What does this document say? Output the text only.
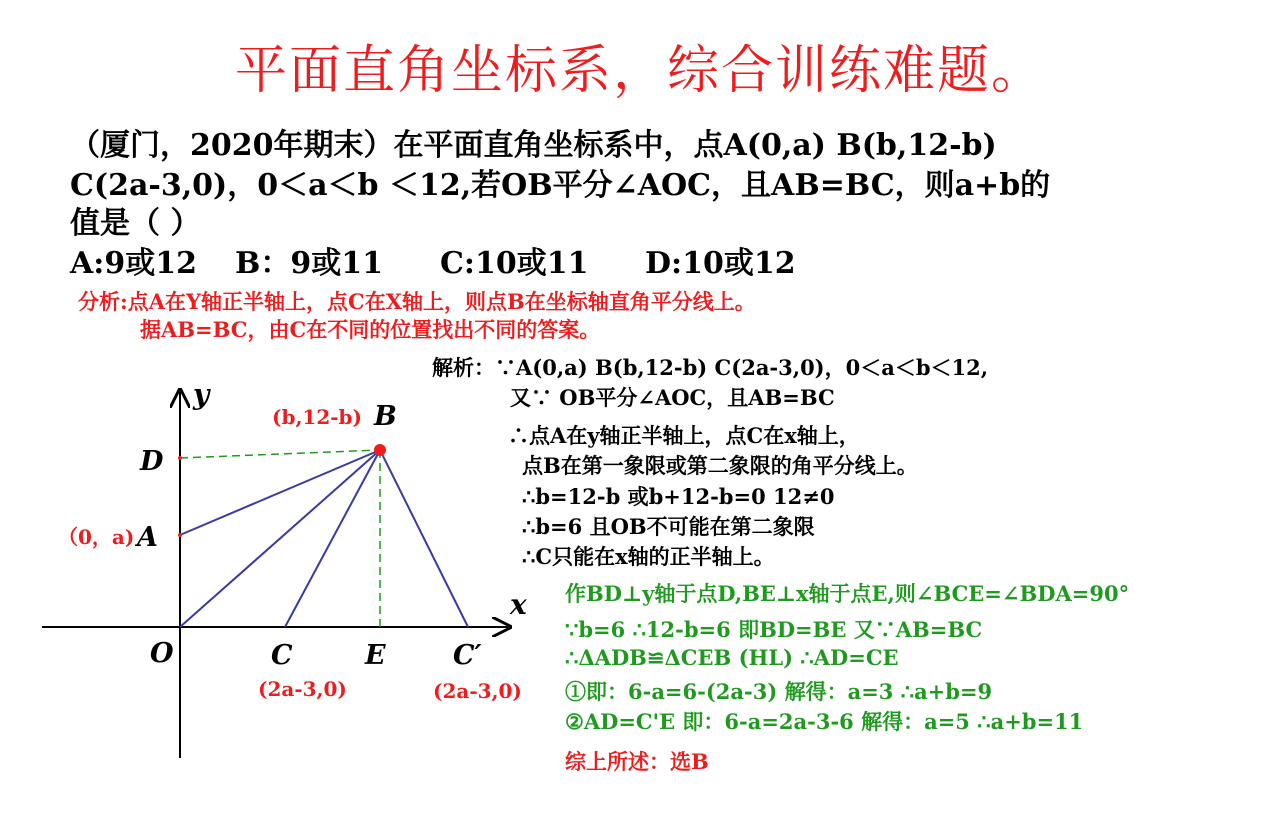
平面直角坐标系，综合训练难题。
（厦门，2020年期末）在平面直角坐标系中，点A(0,a) B(b,12-b)
C(2a-3,0)，0＜a＜b ＜12,若OB平分∠AOC，且AB=BC，则a+b的
值是（ ）
A:9或12 B：9或11 C:10或11 D:10或12
分析:点A在Y轴正半轴上，点C在X轴上，则点B在坐标轴直角平分线上。
据AB=BC，由C在不同的位置找出不同的答案。
解析：∵A(0,a) B(b,12-b) C(2a-3,0)，0＜a＜b＜12,
又∵ OB平分∠AOC，且AB=BC
∴点A在y轴正半轴上，点C在x轴上，
点B在第一象限或第二象限的角平分线上。
∴b=12-b 或b+12-b=0 12≠0
∴b=6 且OB不可能在第二象限
∴C只能在x轴的正半轴上。
作BD⊥y轴于点D,BE⊥x轴于点E,则∠BCE=∠BDA=90°
∵b=6 ∴12-b=6 即BD=BE 又∵AB=BC
∴ΔADB≌ΔCEB (HL) ∴AD=CE
①即：6-a=6-(2a-3) 解得：a=3 ∴a+b=9
②AD=C'E 即：6-a=2a-3-6 解得：a=5 ∴a+b=11
综上所述：选B
y
x
O
D
A
（0，a)
B
(b,12-b)
C
(2a-3,0)
E C′
(2a-3,0)
